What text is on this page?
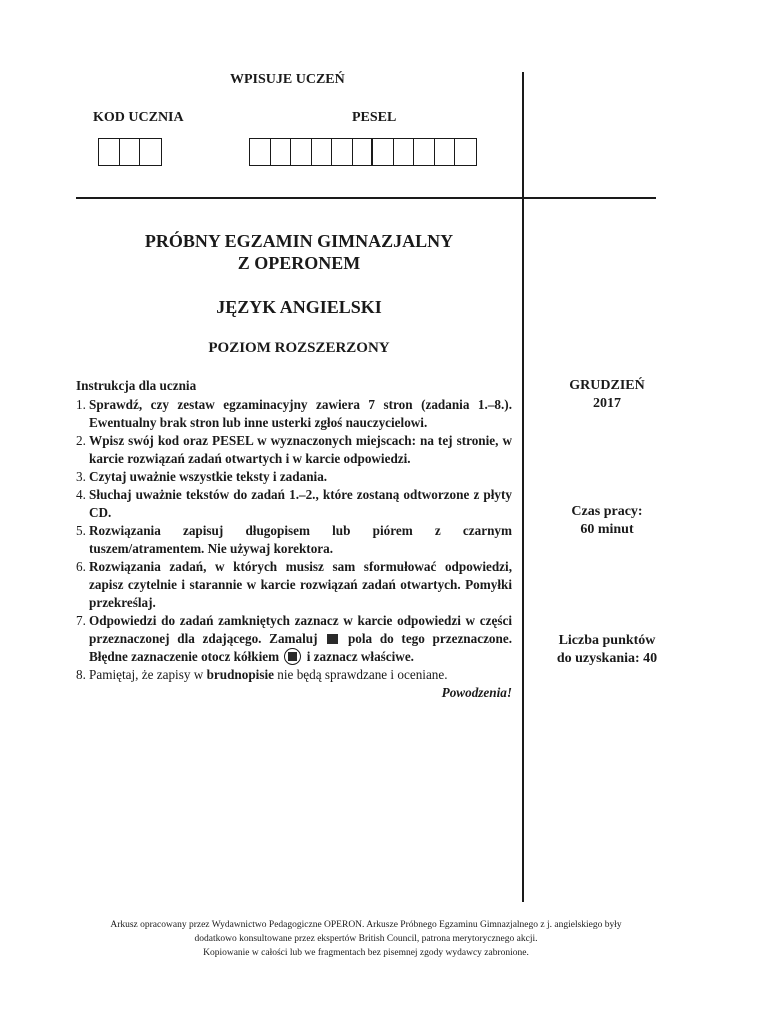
WPISUJE UCZEŃ
KOD UCZNIA	PESEL
PRÓBNY EGZAMIN GIMNAZJALNY
Z OPERONEM
JĘZYK ANGIELSKI
POZIOM ROZSZERZONY
Instrukcja dla ucznia
1. Sprawdź, czy zestaw egzaminacyjny zawiera 7 stron (zadania 1.–8.). Ewentualny brak stron lub inne usterki zgłoś nauczycielowi.
2. Wpisz swój kod oraz PESEL w wyznaczonych miejscach: na tej stronie, w karcie rozwiązań zadań otwartych i w karcie odpowiedzi.
3. Czytaj uważnie wszystkie teksty i zadania.
4. Słuchaj uważnie tekstów do zadań 1.–2., które zostaną odtworzone z płyty CD.
5. Rozwiązania zapisuj długopisem lub piórem z czarnym tuszem/atramentem. Nie używaj korektora.
6. Rozwiązania zadań, w których musisz sam sformułować odpowiedzi, zapisz czytelnie i starannie w karcie rozwiązań zadań otwartych. Pomyłki przekreślaj.
7. Odpowiedzi do zadań zamkniętych zaznacz w karcie odpowiedzi w części przeznaczonej dla zdającego. Zamaluj pola do tego przeznaczone. Błędne zaznaczenie otocz kółkiem i zaznacz właściwe.
8. Pamiętaj, że zapisy w brudnopisie nie będą sprawdzane i oceniane.
Powodzenia!
GRUDZIEŃ
2017
Czas pracy:
60 minut
Liczba punktów
do uzyskania: 40
Arkusz opracowany przez Wydawnictwo Pedagogiczne OPERON. Arkusze Próbnego Egzaminu Gimnazjalnego z j. angielskiego były
dodatkowo konsultowane przez ekspertów British Council, patrona merytorycznego akcji.
Kopiowanie w całości lub we fragmentach bez pisemnej zgody wydawcy zabronione.
